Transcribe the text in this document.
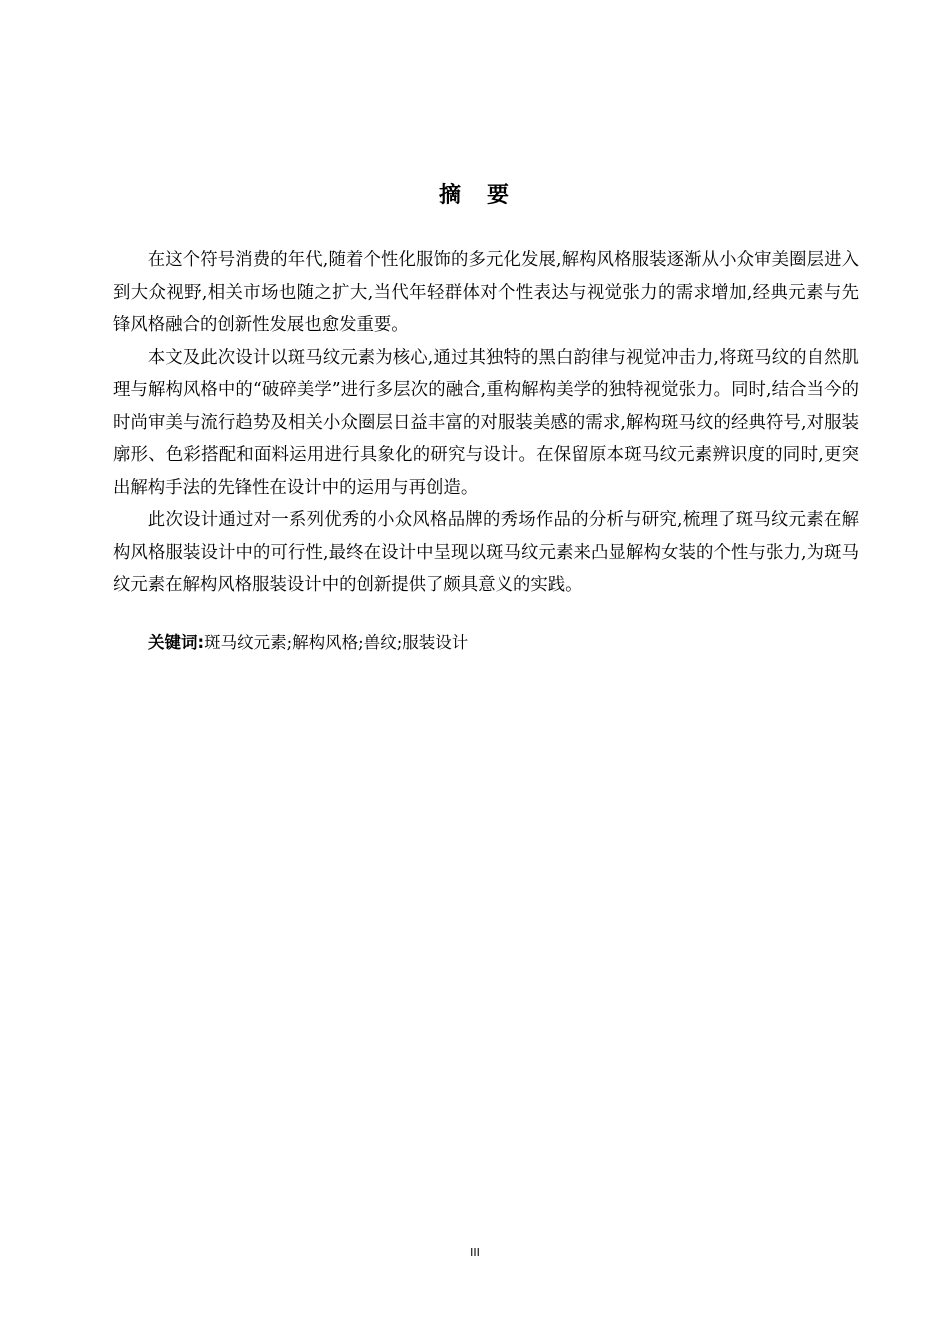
摘　要

在这个符号消费的年代,随着个性化服饰的多元化发展,解构风格服装逐渐从小众审美圈层进入到大众视野,相关市场也随之扩大,当代年轻群体对个性表达与视觉张力的需求增加,经典元素与先锋风格融合的创新性发展也愈发重要。

本文及此次设计以斑马纹元素为核心,通过其独特的黑白韵律与视觉冲击力,将斑马纹的自然肌理与解构风格中的“破碎美学”进行多层次的融合,重构解构美学的独特视觉张力。同时,结合当今的时尚审美与流行趋势及相关小众圈层日益丰富的对服装美感的需求,解构斑马纹的经典符号,对服装廓形、色彩搭配和面料运用进行具象化的研究与设计。在保留原本斑马纹元素辨识度的同时,更突出解构手法的先锋性在设计中的运用与再创造。

此次设计通过对一系列优秀的小众风格品牌的秀场作品的分析与研究,梳理了斑马纹元素在解构风格服装设计中的可行性,最终在设计中呈现以斑马纹元素来凸显解构女装的个性与张力,为斑马纹元素在解构风格服装设计中的创新提供了颇具意义的实践。

关键词:斑马纹元素;解构风格;兽纹;服装设计
III
